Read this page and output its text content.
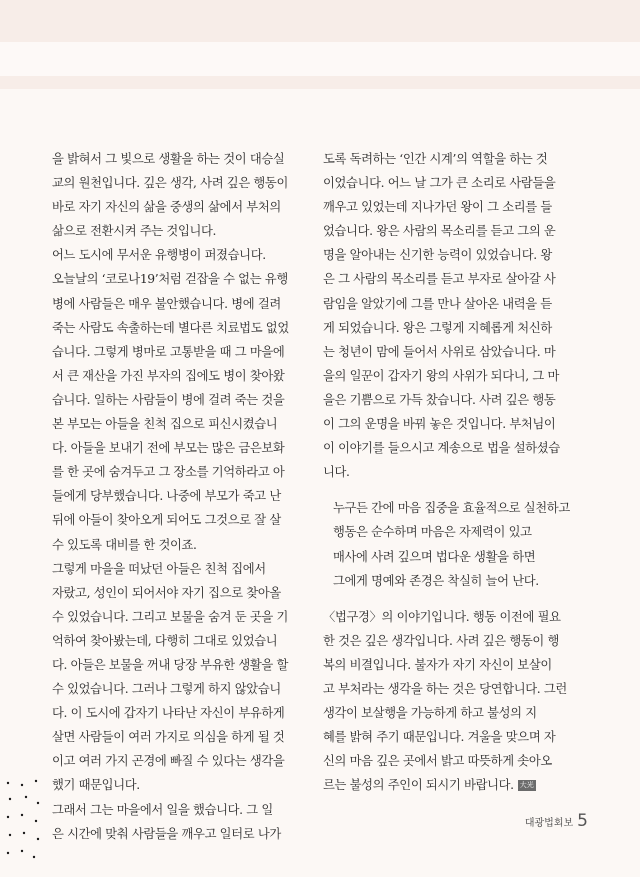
을 밝혀서 그 빛으로 생활을 하는 것이 대승실
교의 원천입니다. 깊은 생각, 사려 깊은 행동이
바로 자기 자신의 삶을 중생의 삶에서 부처의
삶으로 전환시켜 주는 것입니다.
어느 도시에 무서운 유행병이 퍼졌습니다.
오늘날의 ‘코로나19’처럼 걷잡을 수 없는 유행
병에 사람들은 매우 불안했습니다. 병에 걸려
죽는 사람도 속출하는데 별다른 치료법도 없었
습니다. 그렇게 병마로 고통받을 때 그 마을에
서 큰 재산을 가진 부자의 집에도 병이 찾아왔
습니다. 일하는 사람들이 병에 걸려 죽는 것을
본 부모는 아들을 친척 집으로 피신시켰습니
다. 아들을 보내기 전에 부모는 많은 금은보화
를 한 곳에 숨겨두고 그 장소를 기억하라고 아
들에게 당부했습니다. 나중에 부모가 죽고 난
뒤에 아들이 찾아오게 되어도 그것으로 잘 살
수 있도록 대비를 한 것이죠.
그렇게 마을을 떠났던 아들은 친척 집에서
자랐고, 성인이 되어서야 자기 집으로 찾아올
수 있었습니다. 그리고 보물을 숨겨 둔 곳을 기
억하여 찾아봤는데, 다행히 그대로 있었습니
다. 아들은 보물을 꺼내 당장 부유한 생활을 할
수 있었습니다. 그러나 그렇게 하지 않았습니
다. 이 도시에 갑자기 나타난 자신이 부유하게
살면 사람들이 여러 가지로 의심을 하게 될 것
이고 여러 가지 곤경에 빠질 수 있다는 생각을
했기 때문입니다.
그래서 그는 마을에서 일을 했습니다. 그 일
은 시간에 맞춰 사람들을 깨우고 일터로 나가
도록 독려하는 ‘인간 시계’의 역할을 하는 것
이었습니다. 어느 날 그가 큰 소리로 사람들을
깨우고 있었는데 지나가던 왕이 그 소리를 들
었습니다. 왕은 사람의 목소리를 듣고 그의 운
명을 알아내는 신기한 능력이 있었습니다. 왕
은 그 사람의 목소리를 듣고 부자로 살아갈 사
람임을 알았기에 그를 만나 살아온 내력을 듣
게 되었습니다. 왕은 그렇게 지혜롭게 처신하
는 청년이 맘에 들어서 사위로 삼았습니다. 마
을의 일꾼이 갑자기 왕의 사위가 되다니, 그 마
을은 기쁨으로 가득 찼습니다. 사려 깊은 행동
이 그의 운명을 바꿔 놓은 것입니다. 부처님이
이 이야기를 들으시고 계송으로 법을 설하셨습
니다.
누구든 간에 마음 집중을 효율적으로 실천하고
행동은 순수하며 마음은 자제력이 있고
매사에 사려 깊으며 법다운 생활을 하면
그에게 명예와 존경은 착실히 늘어 난다.
〈법구경〉의 이야기입니다. 행동 이전에 필요
한 것은 깊은 생각입니다. 사려 깊은 행동이 행
복의 비결입니다. 불자가 자기 자신이 보살이
고 부처라는 생각을 하는 것은 당연합니다. 그런
생각이 보살행을 가능하게 하고 불성의 지
혜를 밝혀 주기 때문입니다. 겨울을 맞으며 자
신의 마음 깊은 곳에서 밝고 따뜻하게 솟아오
르는 불성의 주인이 되시기 바랍니다. 大光
대광법회보 5
